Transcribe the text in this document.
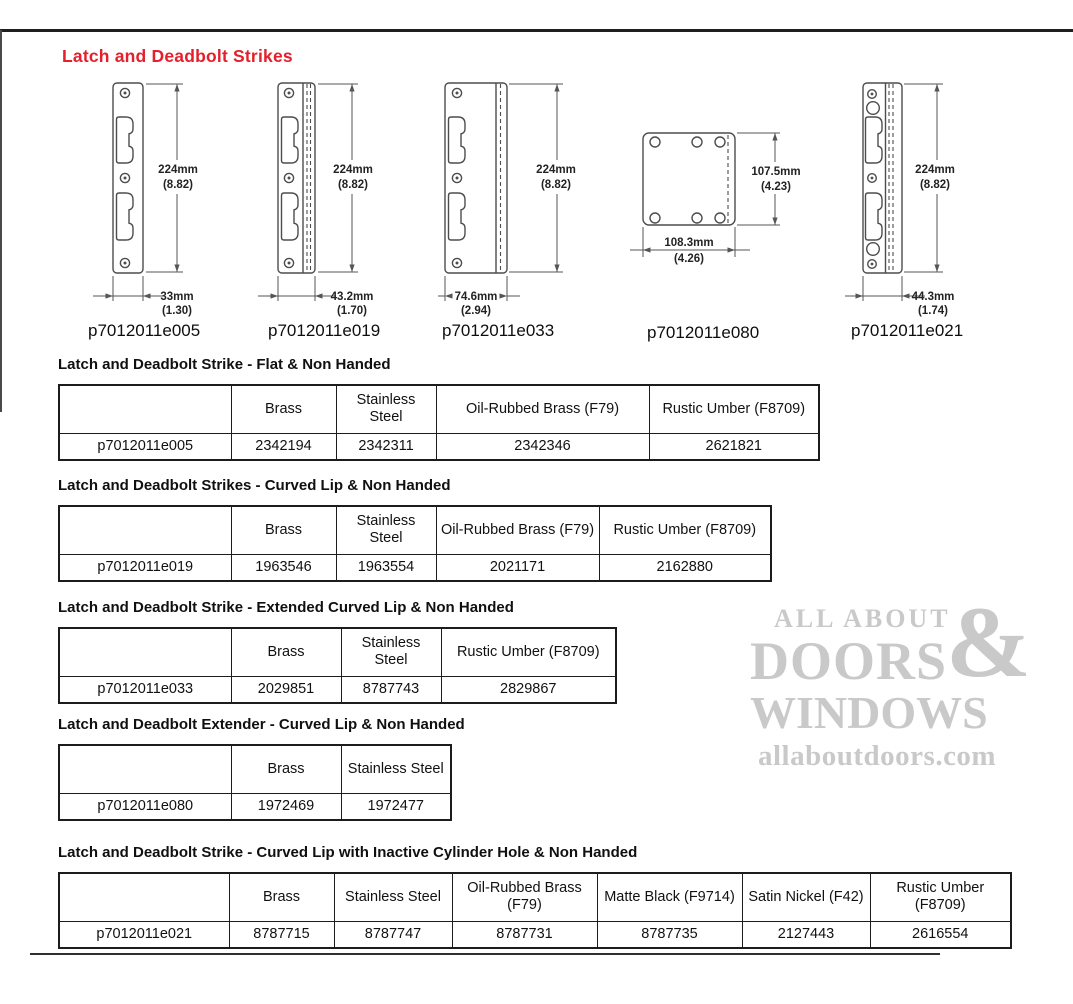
Latch and Deadbolt Strikes
224mm
(8.82)
33mm
(1.30)
p7012011e005
224mm
(8.82)
43.2mm
(1.70)
p7012011e019
224mm
(8.82)
74.6mm
(2.94)
p7012011e033
107.5mm
(4.23)
108.3mm
(4.26)
p7012011e080
224mm
(8.82)
44.3mm
(1.74)
p7012011e021
ALL ABOUT
&
DOORS
WINDOWS
allaboutdoors.com
Latch and Deadbolt Strike - Flat & Non Handed
	Brass	Stainless Steel	Oil-Rubbed Brass (F79)	Rustic Umber (F8709)
p7012011e005	2342194	2342311	2342346	2621821
Latch and Deadbolt Strikes - Curved Lip & Non Handed
	Brass	Stainless Steel	Oil-Rubbed Brass (F79)	Rustic Umber (F8709)
p7012011e019	1963546	1963554	2021171	2162880
Latch and Deadbolt Strike - Extended Curved Lip & Non Handed
	Brass	Stainless Steel	Rustic Umber (F8709)
p7012011e033	2029851	8787743	2829867
Latch and Deadbolt Extender - Curved Lip & Non Handed
	Brass	Stainless Steel
p7012011e080	1972469	1972477
Latch and Deadbolt Strike - Curved Lip with Inactive Cylinder Hole & Non Handed
	Brass	Stainless Steel	Oil-Rubbed Brass (F79)	Matte Black (F9714)	Satin Nickel (F42)	Rustic Umber (F8709)
p7012011e021	8787715	8787747	8787731	8787735	2127443	2616554
